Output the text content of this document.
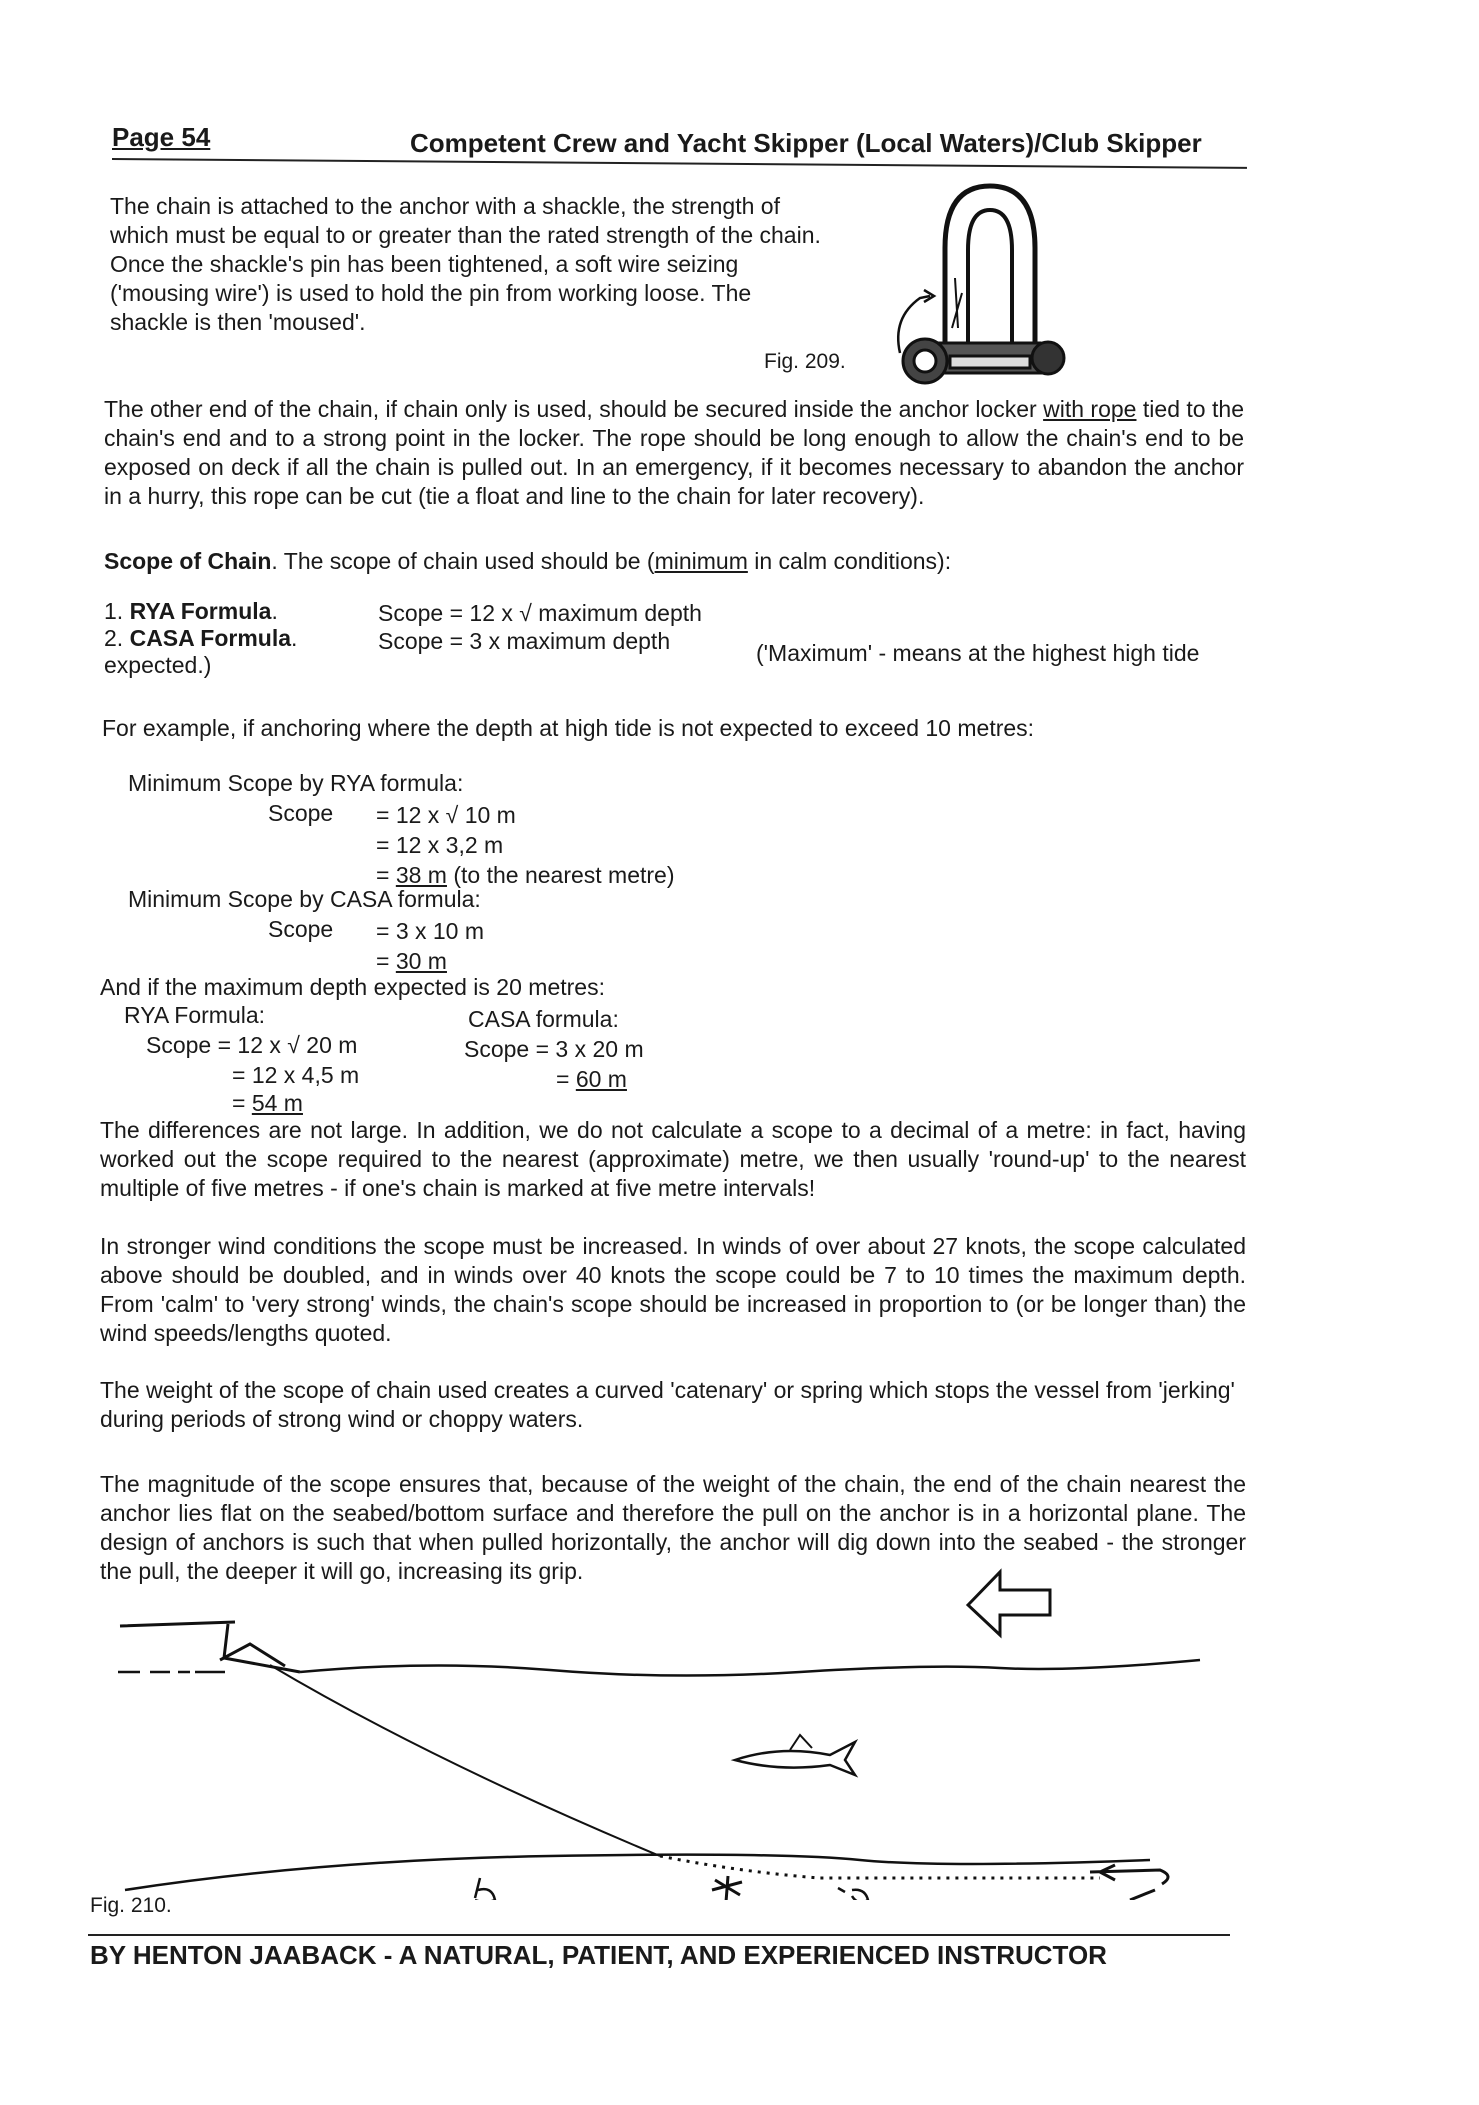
Page 54	Competent Crew and Yacht Skipper (Local Waters)/Club Skipper
The chain is attached to the anchor with a shackle, the strength of which must be equal to or greater than the rated strength of the chain. Once the shackle's pin has been tightened, a soft wire seizing ('mousing wire') is used to hold the pin from working loose. The shackle is then 'moused'.
Fig. 209.
The other end of the chain, if chain only is used, should be secured inside the anchor locker with rope tied to the chain's end and to a strong point in the locker. The rope should be long enough to allow the chain's end to be exposed on deck if all the chain is pulled out. In an emergency, if it becomes necessary to abandon the anchor in a hurry, this rope can be cut (tie a float and line to the chain for later recovery).
Scope of Chain. The scope of chain used should be (minimum in calm conditions):
1. RYA Formula.	Scope = 12 x √ maximum depth
2. CASA Formula.	Scope = 3 x maximum depth	('Maximum' - means at the highest high tide
expected.)
For example, if anchoring where the depth at high tide is not expected to exceed 10 metres:
Minimum Scope by RYA formula:
Scope = 12 x √ 10 m
= 12 x 3,2 m
= 38 m (to the nearest metre)
Minimum Scope by CASA formula:
Scope = 3 x 10 m
= 30 m
And if the maximum depth expected is 20 metres:
RYA Formula:	CASA formula:
Scope = 12 x √ 20 m	Scope = 3 x 20 m
= 12 x 4,5 m	= 60 m
= 54 m
The differences are not large. In addition, we do not calculate a scope to a decimal of a metre: in fact, having worked out the scope required to the nearest (approximate) metre, we then usually 'round-up' to the nearest multiple of five metres - if one's chain is marked at five metre intervals!
In stronger wind conditions the scope must be increased. In winds of over about 27 knots, the scope calculated above should be doubled, and in winds over 40 knots the scope could be 7 to 10 times the maximum depth. From 'calm' to 'very strong' winds, the chain's scope should be increased in proportion to (or be longer than) the wind speeds/lengths quoted.
The weight of the scope of chain used creates a curved 'catenary' or spring which stops the vessel from 'jerking' during periods of strong wind or choppy waters.
The magnitude of the scope ensures that, because of the weight of the chain, the end of the chain nearest the anchor lies flat on the seabed/bottom surface and therefore the pull on the anchor is in a horizontal plane. The design of anchors is such that when pulled horizontally, the anchor will dig down into the seabed - the stronger the pull, the deeper it will go, increasing its grip.
Fig. 210.
BY HENTON JAABACK - A NATURAL, PATIENT, AND EXPERIENCED INSTRUCTOR
